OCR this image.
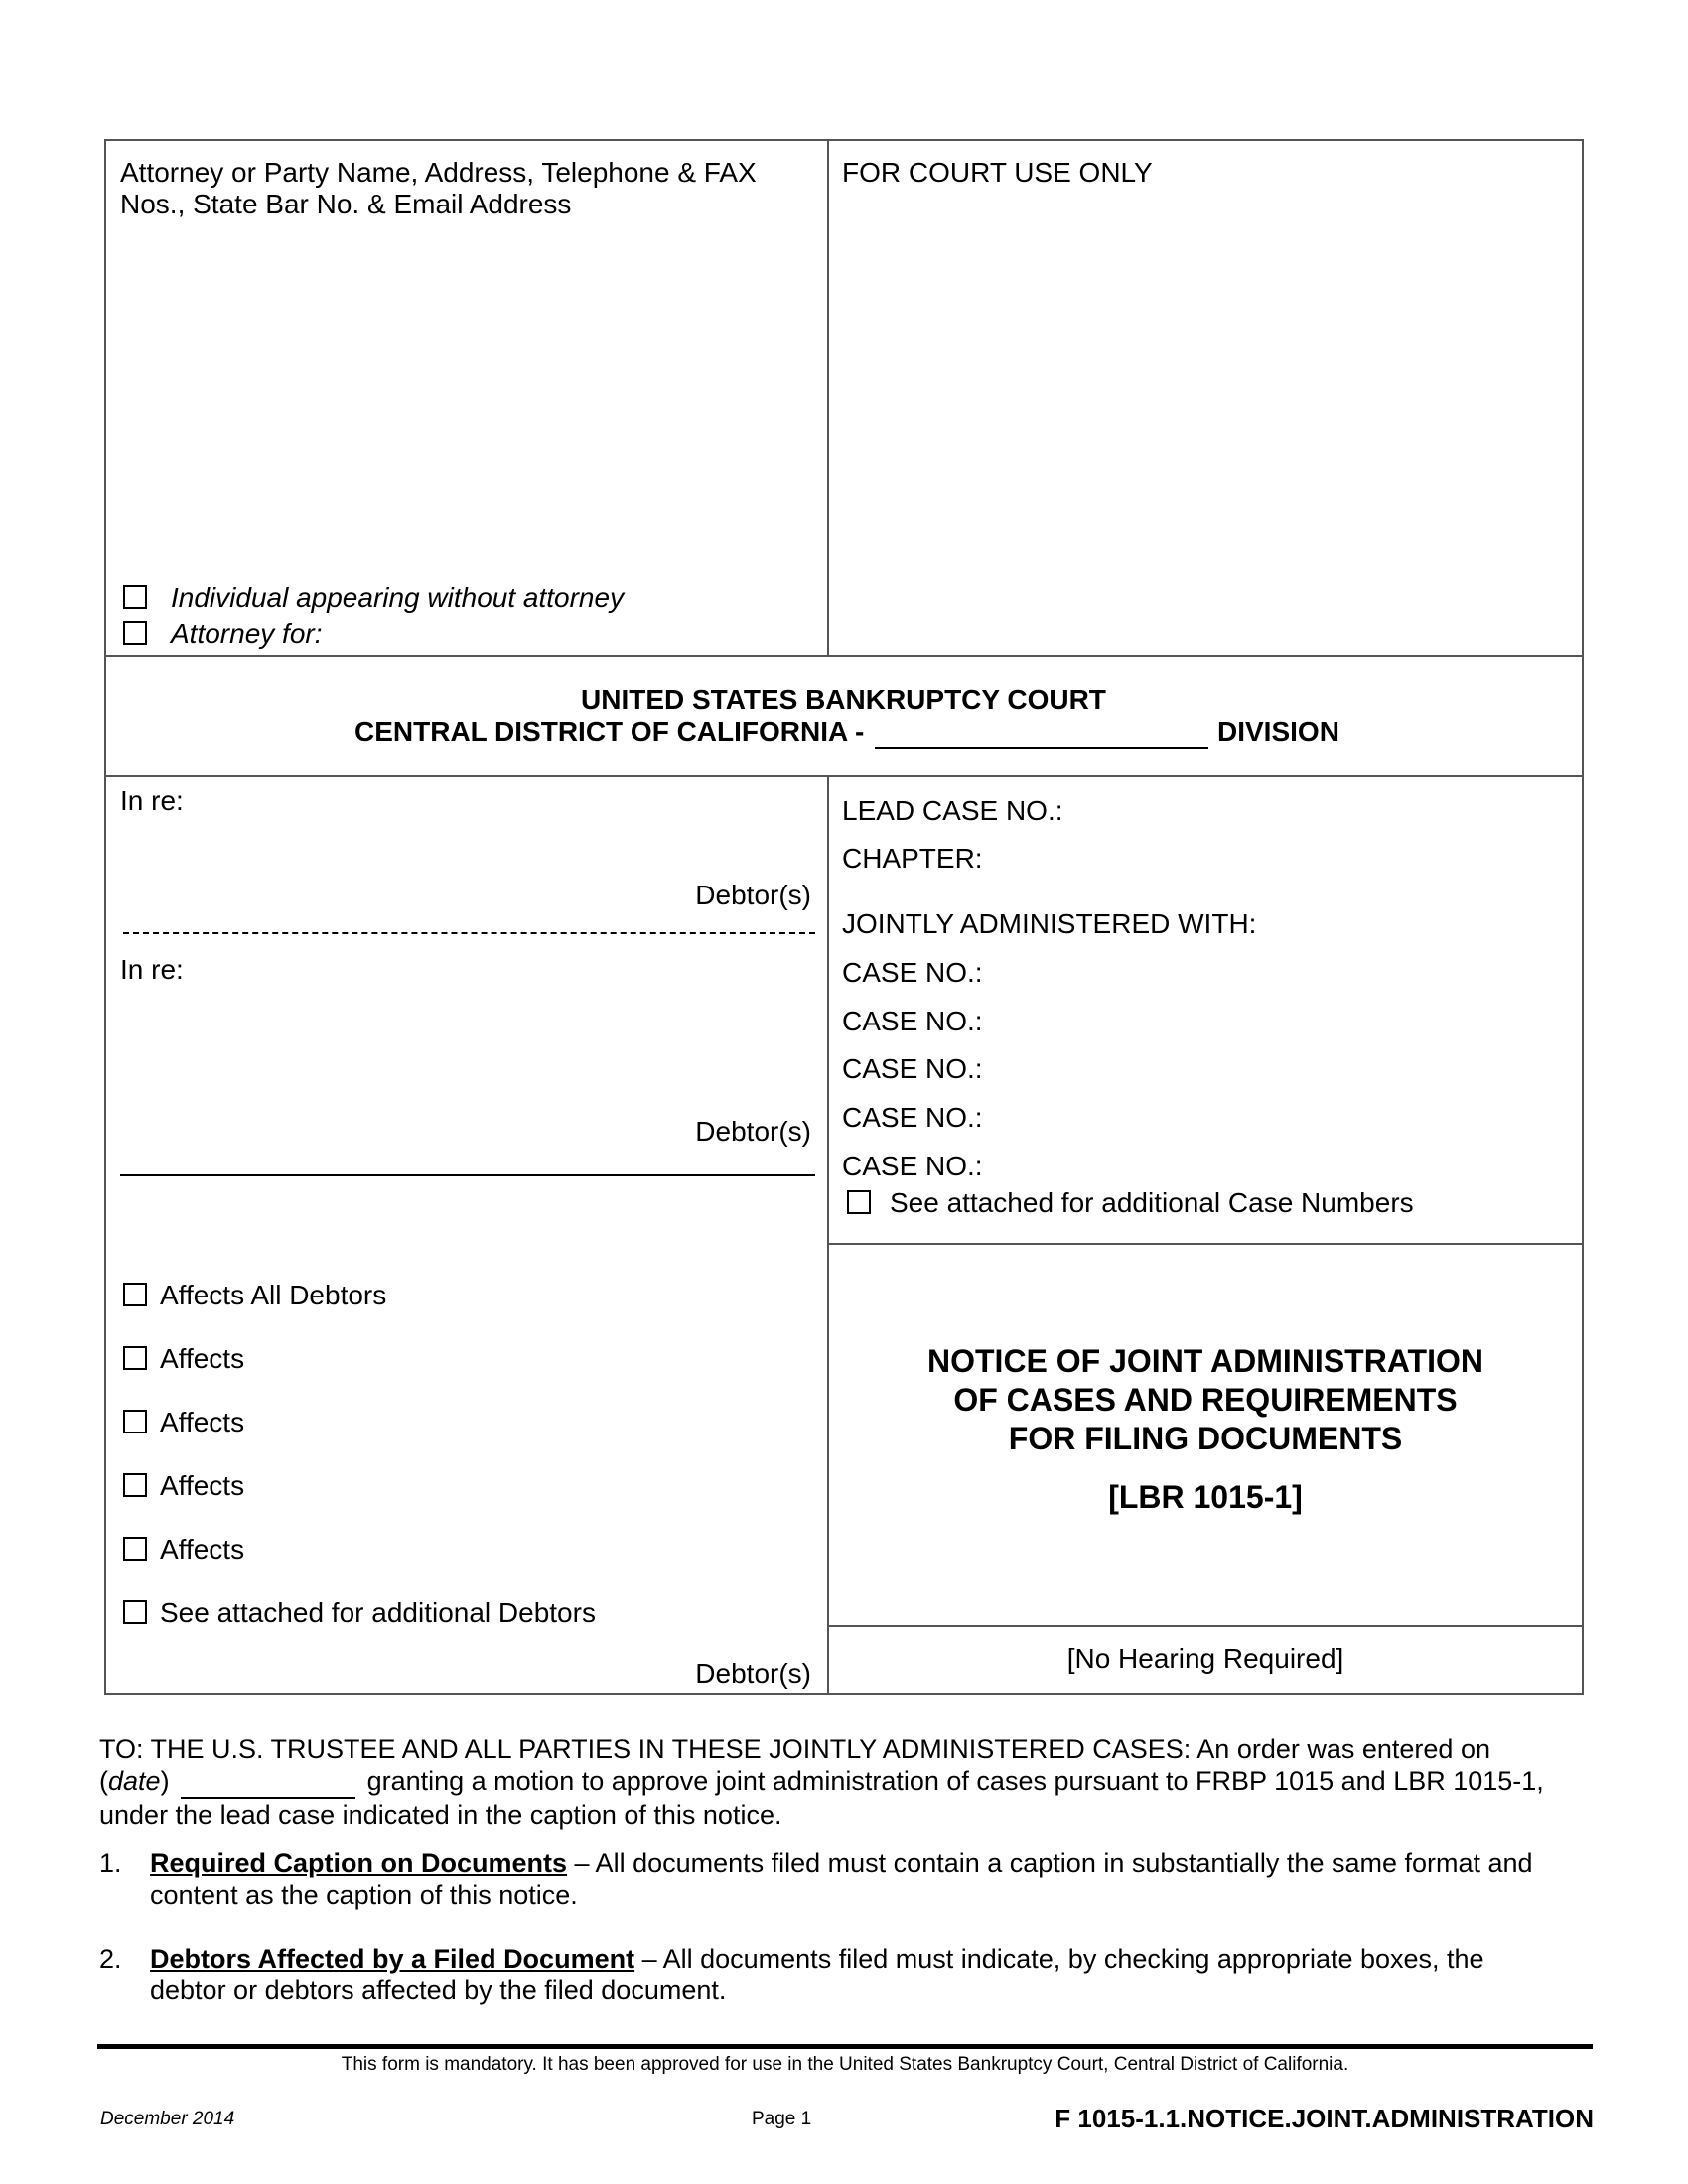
Attorney or Party Name, Address, Telephone & FAX
Nos., State Bar No. & Email Address
FOR COURT USE ONLY
Individual appearing without attorney
Attorney for:
UNITED STATES BANKRUPTCY COURT
CENTRAL DISTRICT OF CALIFORNIA -	DIVISION
In re:
Debtor(s)
In re:
Debtor(s)
LEAD CASE NO.:
CHAPTER:
JOINTLY ADMINISTERED WITH:
CASE NO.:
CASE NO.:
CASE NO.:
CASE NO.:
CASE NO.:
See attached for additional Case Numbers
Affects All Debtors
Affects
Affects
Affects
Affects
See attached for additional Debtors
Debtor(s)
NOTICE OF JOINT ADMINISTRATION
OF CASES AND REQUIREMENTS
FOR FILING DOCUMENTS
[LBR 1015-1]
[No Hearing Required]
TO: THE U.S. TRUSTEE AND ALL PARTIES IN THESE JOINTLY ADMINISTERED CASES: An order was entered on
(date)	granting a motion to approve joint administration of cases pursuant to FRBP 1015 and LBR 1015-1,
under the lead case indicated in the caption of this notice.
1. Required Caption on Documents – All documents filed must contain a caption in substantially the same format and
content as the caption of this notice.
2. Debtors Affected by a Filed Document – All documents filed must indicate, by checking appropriate boxes, the
debtor or debtors affected by the filed document.
This form is mandatory. It has been approved for use in the United States Bankruptcy Court, Central District of California.
December 2014	Page 1	F 1015-1.1.NOTICE.JOINT.ADMINISTRATION
